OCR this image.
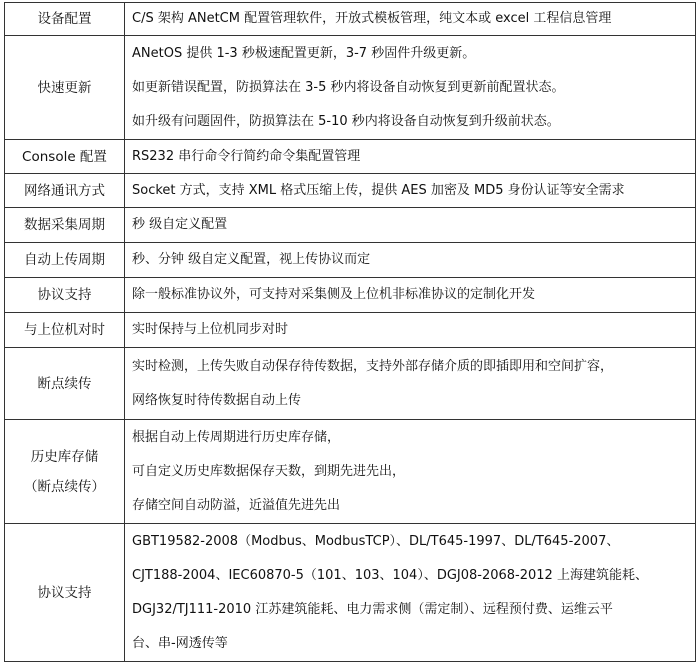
设备配置	C/S 架构 ANetCM 配置管理软件，开放式模板管理，纯文本或 excel 工程信息管理

快速更新	ANetOS 提供 1-3 秒极速配置更新，3-7 秒固件升级更新。
如更新错误配置，防损算法在 3-5 秒内将设备自动恢复到更新前配置状态。
如升级有问题固件，防损算法在 5-10 秒内将设备自动恢复到升级前状态。

Console 配置	RS232 串行命令行简约命令集配置管理

网络通讯方式	Socket 方式，支持 XML 格式压缩上传，提供 AES 加密及 MD5 身份认证等安全需求

数据采集周期	秒 级自定义配置

自动上传周期	秒、分钟 级自定义配置，视上传协议而定

协议支持	除一般标准协议外，可支持对采集侧及上位机非标准协议的定制化开发

与上位机对时	实时保持与上位机同步对时

断点续传	实时检测，上传失败自动保存待传数据，支持外部存储介质的即插即用和空间扩容，
网络恢复时待传数据自动上传

历史库存储
（断点续传）	根据自动上传周期进行历史库存储，
可自定义历史库数据保存天数，到期先进先出，
存储空间自动防溢，近溢值先进先出

协议支持	GBT19582-2008（Modbus、ModbusTCP）、DL/T645-1997、DL/T645-2007、
CJT188-2004、IEC60870-5（101、103、104）、DGJ08-2068-2012 上海建筑能耗、
DGJ32/TJ111-2010 江苏建筑能耗、电力需求侧（需定制）、远程预付费、运维云平
台、串-网透传等
